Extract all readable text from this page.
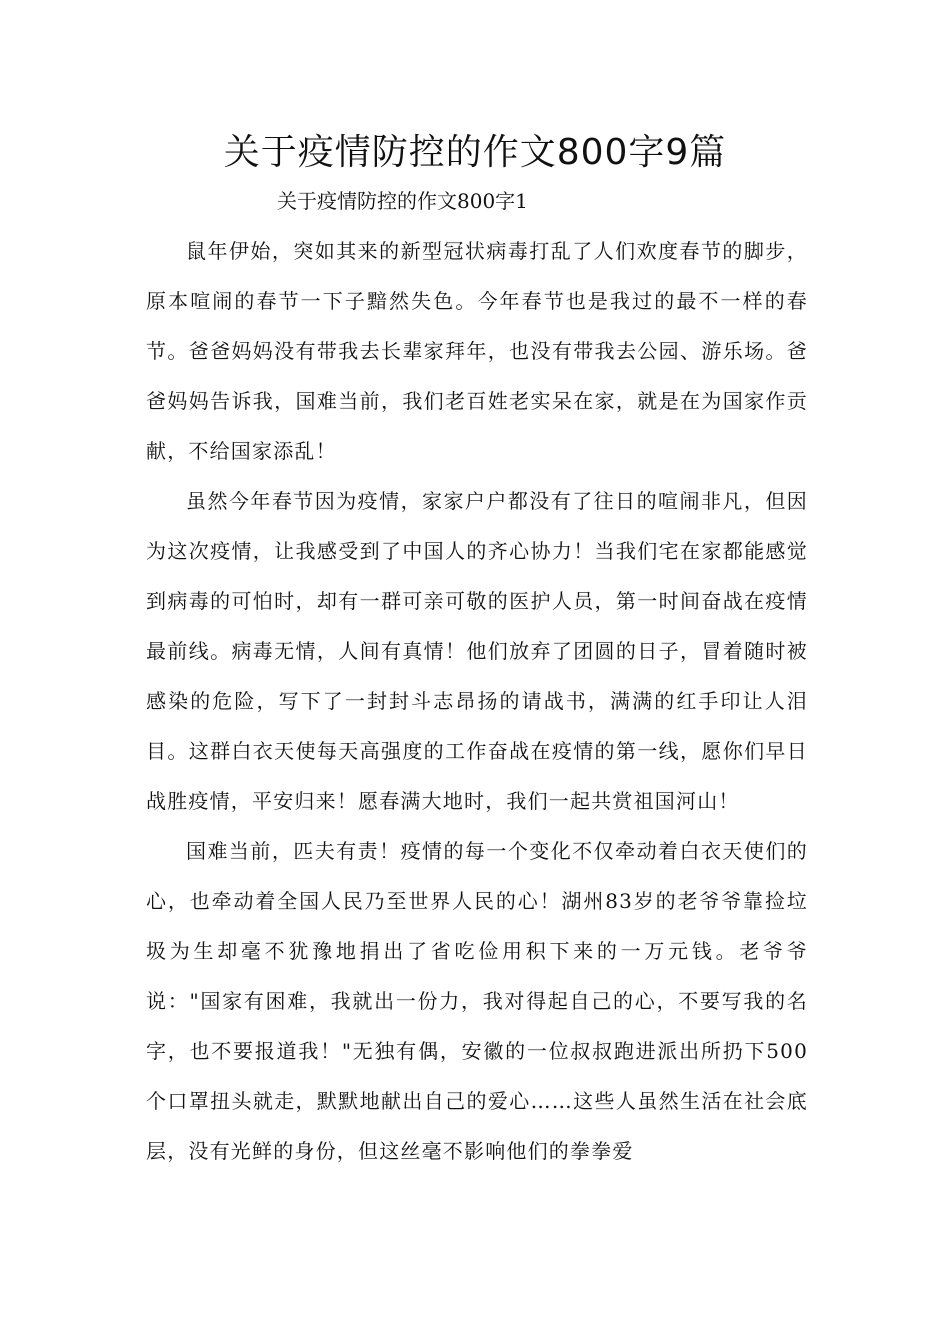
关于疫情防控的作文800字9篇

关于疫情防控的作文800字1

鼠年伊始，突如其来的新型冠状病毒打乱了人们欢度春节的脚步，原本喧闹的春节一下子黯然失色。今年春节也是我过的最不一样的春节。爸爸妈妈没有带我去长辈家拜年，也没有带我去公园、游乐场。爸爸妈妈告诉我，国难当前，我们老百姓老实呆在家，就是在为国家作贡献，不给国家添乱！

虽然今年春节因为疫情，家家户户都没有了往日的喧闹非凡，但因为这次疫情，让我感受到了中国人的齐心协力！当我们宅在家都能感觉到病毒的可怕时，却有一群可亲可敬的医护人员，第一时间奋战在疫情最前线。病毒无情，人间有真情！他们放弃了团圆的日子，冒着随时被感染的危险，写下了一封封斗志昂扬的请战书，满满的红手印让人泪目。这群白衣天使每天高强度的工作奋战在疫情的第一线，愿你们早日战胜疫情，平安归来！愿春满大地时，我们一起共赏祖国河山！

国难当前，匹夫有责！疫情的每一个变化不仅牵动着白衣天使们的心，也牵动着全国人民乃至世界人民的心！湖州83岁的老爷爷靠捡垃圾为生却毫不犹豫地捐出了省吃俭用积下来的一万元钱。老爷爷说："国家有困难，我就出一份力，我对得起自己的心，不要写我的名字，也不要报道我！"无独有偶，安徽的一位叔叔跑进派出所扔下500个口罩扭头就走，默默地献出自己的爱心……这些人虽然生活在社会底层，没有光鲜的身份，但这丝毫不影响他们的拳拳爱
